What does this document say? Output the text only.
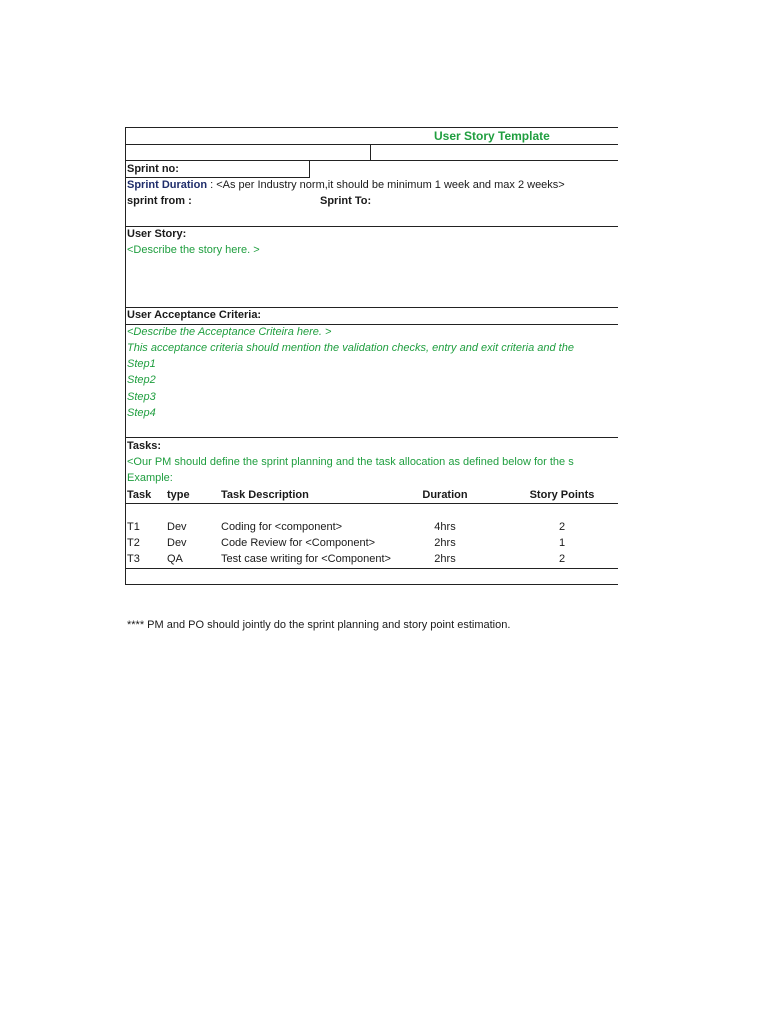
User Story Template
Sprint no:
Sprint Duration : <As per Industry norm,it should be minimum 1 week and max 2 weeks>
sprint from :	Sprint To:
User Story:
<Describe the story here. >
User Acceptance Criteria:
<Describe the Acceptance Criteira here. >
This acceptance criteria should mention the validation checks, entry and exit criteria and the
Step1
Step2
Step3
Step4
Tasks:
<Our PM should define the sprint planning and the task allocation as defined below for the s
Example:
Task type	Task Description	Duration	Story Points
T1 Dev	Coding for <component>	4hrs	2
T2 Dev	Code Review for <Component>	2hrs	1
T3 QA	Test case writing for <Component>	2hrs	2
**** PM and PO should jointly do the sprint planning and story point estimation.
